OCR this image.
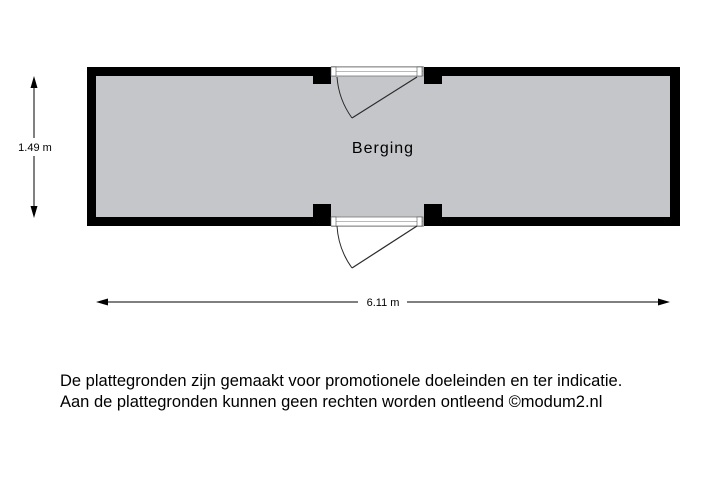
Berging
1.49 m
6.11 m
De plattegronden zijn gemaakt voor promotionele doeleinden en ter indicatie.
Aan de plattegronden kunnen geen rechten worden ontleend ©modum2.nl
